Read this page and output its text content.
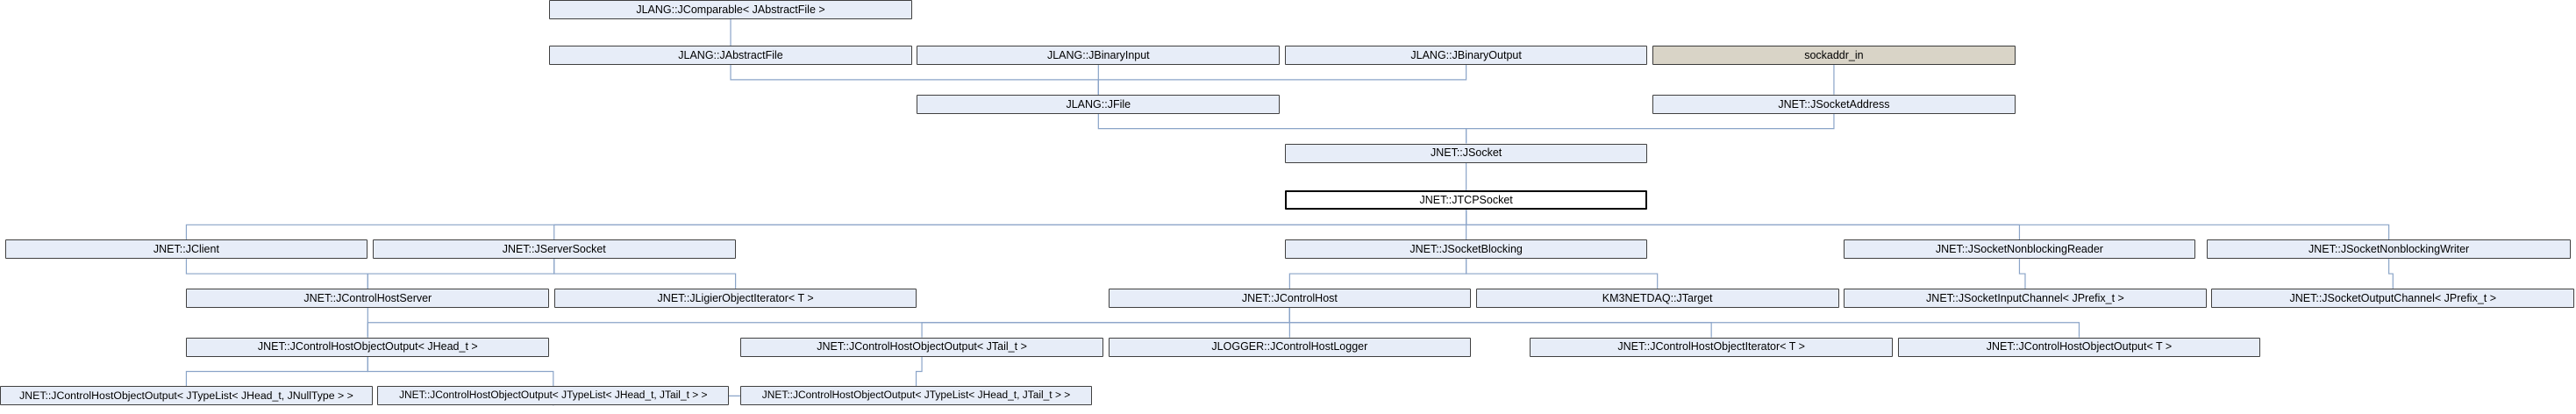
JLANG::JComparable< JAbstractFile >
JLANG::JAbstractFile	JLANG::JBinaryInput	JLANG::JBinaryOutput	sockaddr_in
JLANG::JFile	JNET::JSocketAddress
JNET::JSocket
JNET::JTCPSocket
JNET::JClient	JNET::JServerSocket	JNET::JSocketBlocking	JNET::JSocketNonblockingReader	JNET::JSocketNonblockingWriter
JNET::JControlHostServer	JNET::JLigierObjectIterator< T >	JNET::JControlHost	KM3NETDAQ::JTarget	JNET::JSocketInputChannel< JPrefix_t >	JNET::JSocketOutputChannel< JPrefix_t >
JNET::JControlHostObjectOutput< JHead_t >	JNET::JControlHostObjectOutput< JTail_t >	JLOGGER::JControlHostLogger	JNET::JControlHostObjectIterator< T >	JNET::JControlHostObjectOutput< T >
JNET::JControlHostObjectOutput< JTypeList< JHead_t, JNullType > >	JNET::JControlHostObjectOutput< JTypeList< JHead_t, JTail_t > >	JNET::JControlHostObjectOutput< JTypeList< JHead_t, JTail_t > >
